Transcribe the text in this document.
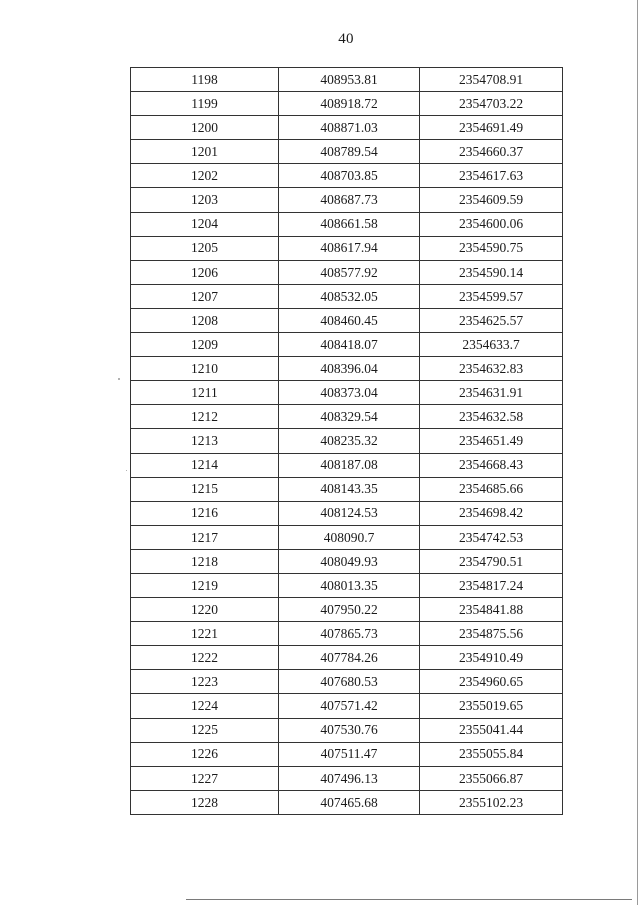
40
1198	408953.81	2354708.91
1199	408918.72	2354703.22
1200	408871.03	2354691.49
1201	408789.54	2354660.37
1202	408703.85	2354617.63
1203	408687.73	2354609.59
1204	408661.58	2354600.06
1205	408617.94	2354590.75
1206	408577.92	2354590.14
1207	408532.05	2354599.57
1208	408460.45	2354625.57
1209	408418.07	2354633.7
1210	408396.04	2354632.83
1211	408373.04	2354631.91
1212	408329.54	2354632.58
1213	408235.32	2354651.49
1214	408187.08	2354668.43
1215	408143.35	2354685.66
1216	408124.53	2354698.42
1217	408090.7	2354742.53
1218	408049.93	2354790.51
1219	408013.35	2354817.24
1220	407950.22	2354841.88
1221	407865.73	2354875.56
1222	407784.26	2354910.49
1223	407680.53	2354960.65
1224	407571.42	2355019.65
1225	407530.76	2355041.44
1226	407511.47	2355055.84
1227	407496.13	2355066.87
1228	407465.68	2355102.23
